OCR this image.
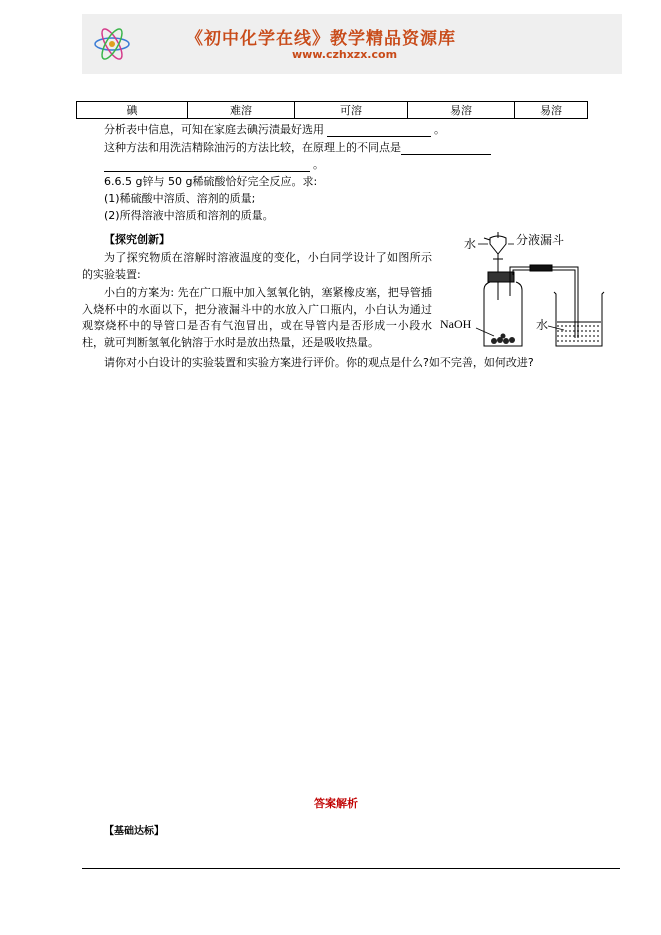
《初中化学在线》教学精品资源库
www.czhxzx.com
碘	难溶	可溶	易溶	易溶
分析表中信息，可知在家庭去碘污渍最好选用	。
这种方法和用洗洁精除油污的方法比较，在原理上的不同点是
。
6.6.5 g锌与 50 g稀硫酸恰好完全反应。求:
(1)稀硫酸中溶质、溶剂的质量;
(2)所得溶液中溶质和溶剂的质量。
【探究创新】
为了探究物质在溶解时溶液温度的变化，小白同学设计了如图所示的实验装置:
小白的方案为: 先在广口瓶中加入氢氧化钠，塞紧橡皮塞，把导管插入烧杯中的水面以下，把分液漏斗中的水放入广口瓶内，小白认为通过观察烧杯中的导管口是否有气泡冒出，或在导管内是否形成一小段水柱，就可判断氢氧化钠溶于水时是放出热量，还是吸收热量。
请你对小白设计的实验装置和实验方案进行评价。你的观点是什么?如不完善，如何改进?
水	分液漏斗
NaOH	水
答案解析
【基础达标】
